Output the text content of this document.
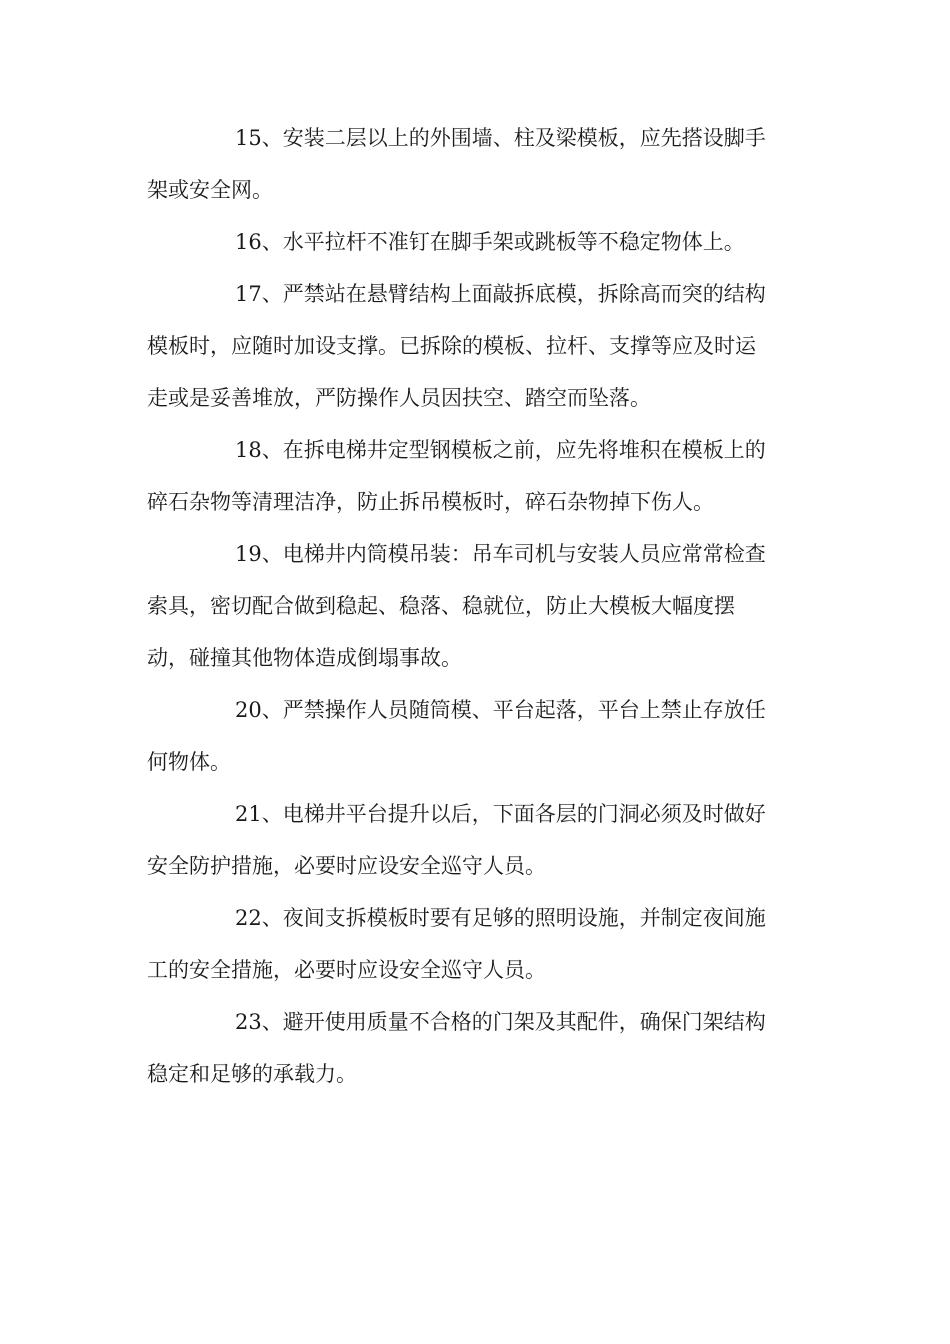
15、安装二层以上的外围墙、柱及梁模板，应先搭设脚手
架或安全网。
16、水平拉杆不准钉在脚手架或跳板等不稳定物体上。
17、严禁站在悬臂结构上面敲拆底模，拆除高而突的结构
模板时，应随时加设支撑。已拆除的模板、拉杆、支撑等应及时运
走或是妥善堆放，严防操作人员因扶空、踏空而坠落。
18、在拆电梯井定型钢模板之前，应先将堆积在模板上的
碎石杂物等清理洁净，防止拆吊模板时，碎石杂物掉下伤人。
19、电梯井内筒模吊装：吊车司机与安装人员应常常检查
索具，密切配合做到稳起、稳落、稳就位，防止大模板大幅度摆
动，碰撞其他物体造成倒塌事故。
20、严禁操作人员随筒模、平台起落，平台上禁止存放任
何物体。
21、电梯井平台提升以后，下面各层的门洞必须及时做好
安全防护措施，必要时应设安全巡守人员。
22、夜间支拆模板时要有足够的照明设施，并制定夜间施
工的安全措施，必要时应设安全巡守人员。
23、避开使用质量不合格的门架及其配件，确保门架结构
稳定和足够的承载力。
